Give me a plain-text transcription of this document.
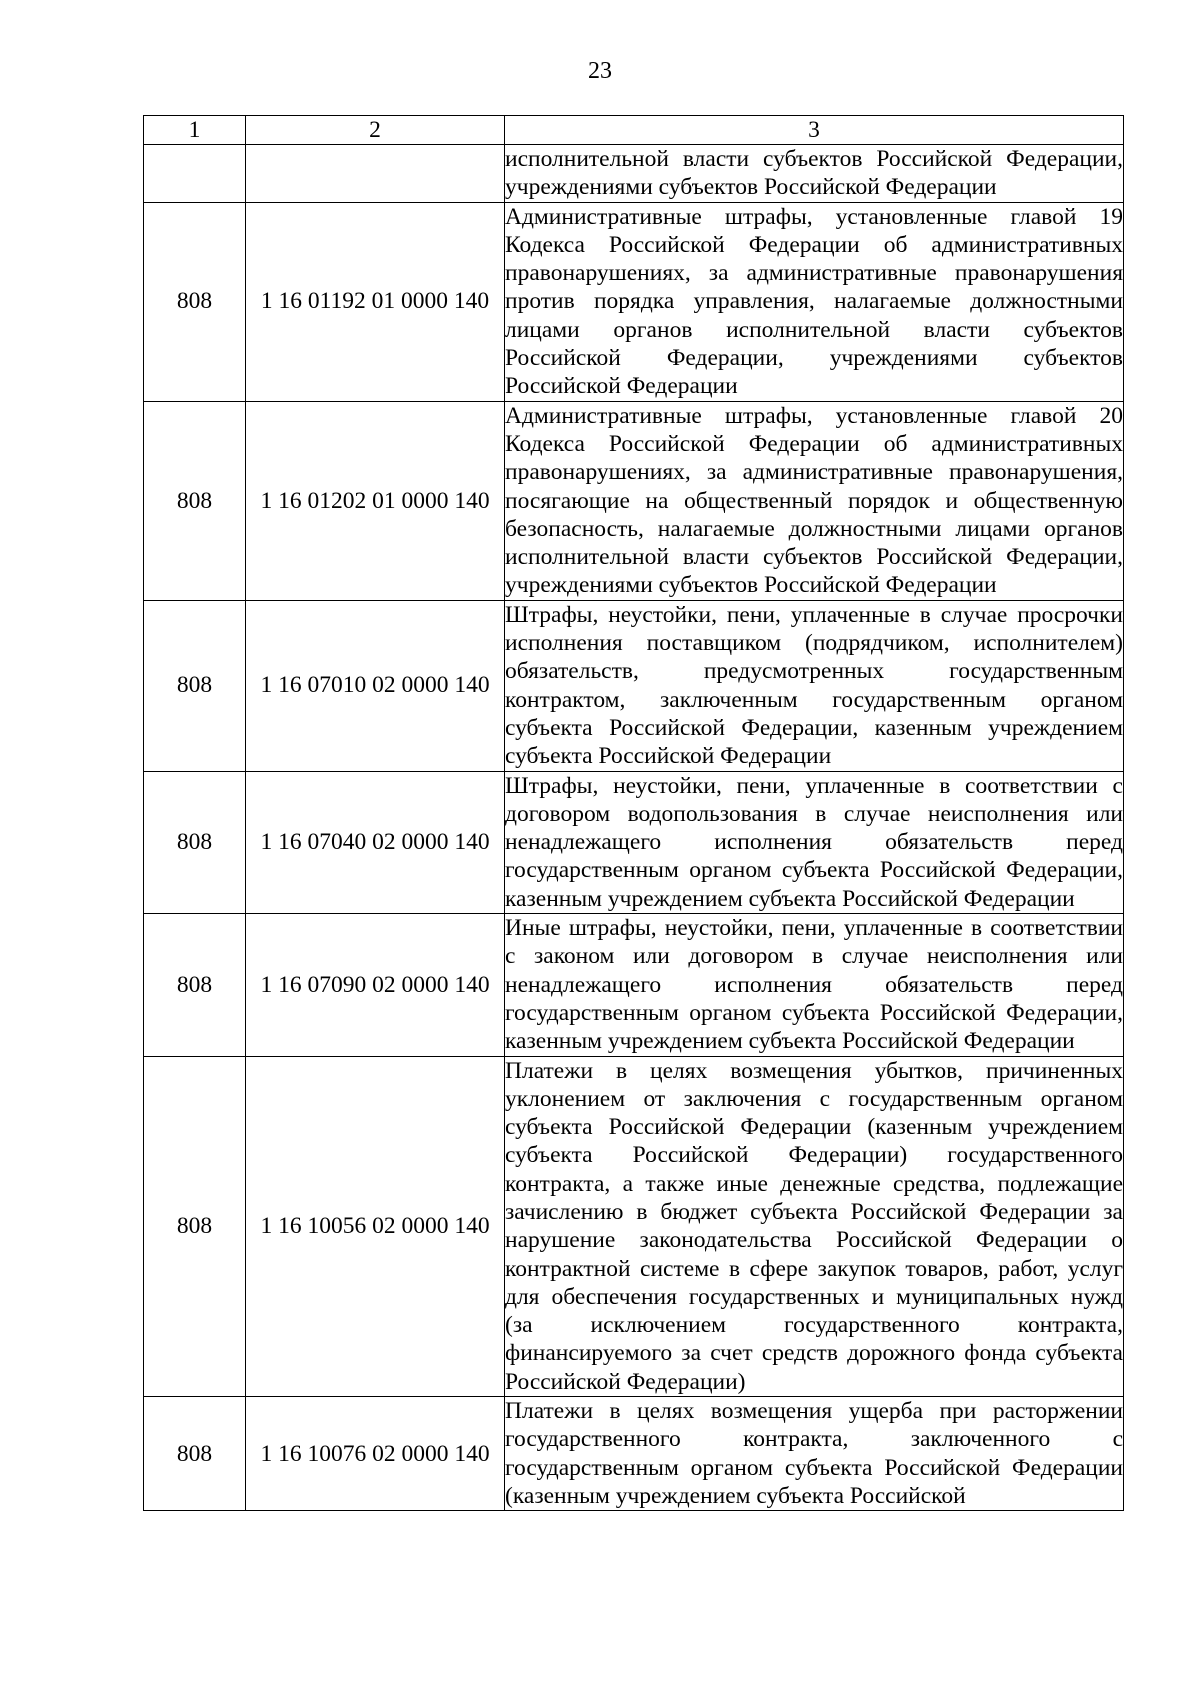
23
1	2	3
		исполнительной власти субъектов Российской Федерации, учреждениями субъектов Российской Федерации
808	1 16 01192 01 0000 140	Административные штрафы, установленные главой 19 Кодекса Российской Федерации об административных правонарушениях, за административные правонарушения против порядка управления, налагаемые должностными лицами органов исполнительной власти субъектов Российской Федерации, учреждениями субъектов Российской Федерации
808	1 16 01202 01 0000 140	Административные штрафы, установленные главой 20 Кодекса Российской Федерации об административных правонарушениях, за административные правонарушения, посягающие на общественный порядок и общественную безопасность, налагаемые должностными лицами органов исполнительной власти субъектов Российской Федерации, учреждениями субъектов Российской Федерации
808	1 16 07010 02 0000 140	Штрафы, неустойки, пени, уплаченные в случае просрочки исполнения поставщиком (подрядчиком, исполнителем) обязательств, предусмотренных государственным контрактом, заключенным государственным органом субъекта Российской Федерации, казенным учреждением субъекта Российской Федерации
808	1 16 07040 02 0000 140	Штрафы, неустойки, пени, уплаченные в соответствии с договором водопользования в случае неисполнения или ненадлежащего исполнения обязательств перед государственным органом субъекта Российской Федерации, казенным учреждением субъекта Российской Федерации
808	1 16 07090 02 0000 140	Иные штрафы, неустойки, пени, уплаченные в соответствии с законом или договором в случае неисполнения или ненадлежащего исполнения обязательств перед государственным органом субъекта Российской Федерации, казенным учреждением субъекта Российской Федерации
808	1 16 10056 02 0000 140	Платежи в целях возмещения убытков, причиненных уклонением от заключения с государственным органом субъекта Российской Федерации (казенным учреждением субъекта Российской Федерации) государственного контракта, а также иные денежные средства, подлежащие зачислению в бюджет субъекта Российской Федерации за нарушение законодательства Российской Федерации о контрактной системе в сфере закупок товаров, работ, услуг для обеспечения государственных и муниципальных нужд (за исключением государственного контракта, финансируемого за счет средств дорожного фонда субъекта Российской Федерации)
808	1 16 10076 02 0000 140	Платежи в целях возмещения ущерба при расторжении государственного контракта, заключенного с государственным органом субъекта Российской Федерации (казенным учреждением субъекта Российской
